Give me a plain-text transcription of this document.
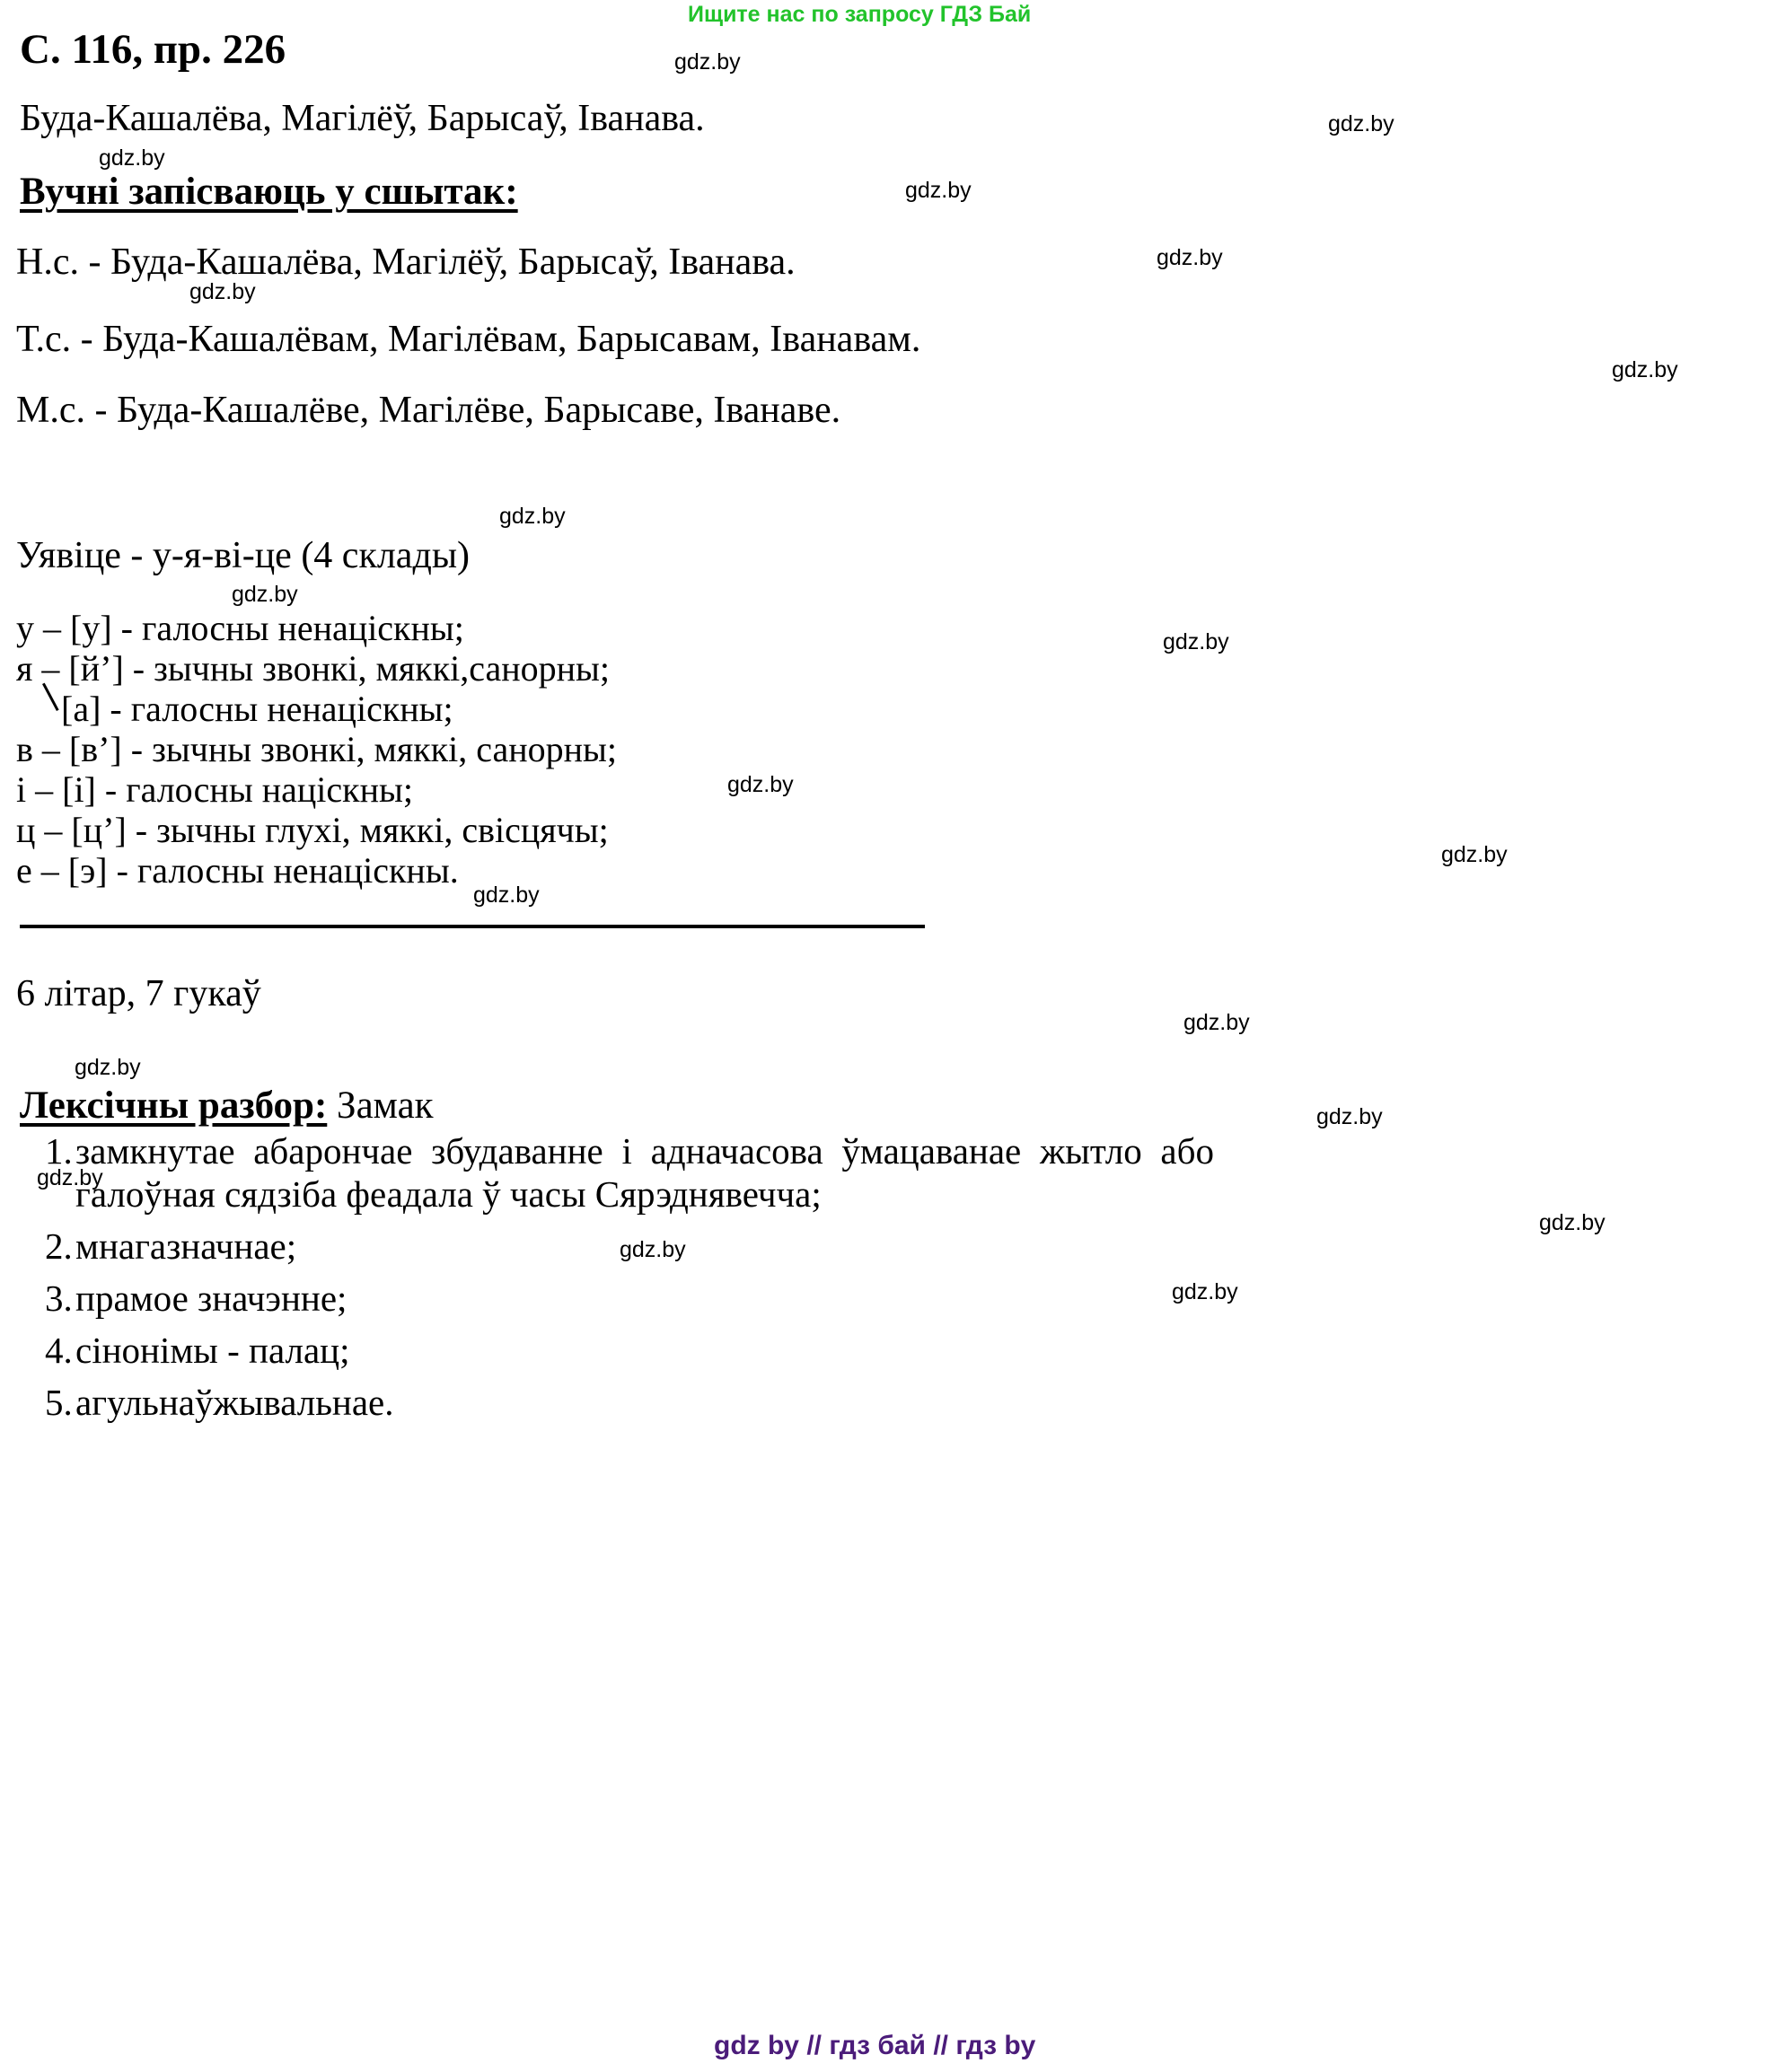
Ищите нас по запросу ГДЗ Бай
С. 116, пр. 226
Буда-Кашалёва, Магілёў, Барысаў, Іванава.
Вучні запісваюць у сшытак:
Н.с. - Буда-Кашалёва, Магілёў, Барысаў, Іванава.
Т.с. - Буда-Кашалёвам, Магілёвам, Барысавам, Іванавам.
М.с. - Буда-Кашалёве, Магілёве, Барысаве, Іванаве.
Уявіце - у-я-ві-це (4 склады)
у – [у] - галосны ненаціскны;
я – [й’] - зычны звонкі, мяккі,санорны;
[а] - галосны ненаціскны;
в – [в’] - зычны звонкі, мяккі, санорны;
і – [і] - галосны націскны;
ц – [ц’] - зычны глухі, мяккі, свісцячы;
е – [э] - галосны ненаціскны.
6 літар, 7 гукаў
Лексічны разбор: Замак
1. замкнутае абарончае збудаванне і адначасова ўмацаванае жытло або галоўная сядзіба феадала ў часы Сярэднявечча;
2. мнагазначнае;
3. прамое значэнне;
4. сінонімы - палац;
5. агульнаўжывальнае.
gdz by // гдз бай // гдз by
gdz.by
gdz.by
gdz.by
gdz.by
gdz.by
gdz.by
gdz.by
gdz.by
gdz.by
gdz.by
gdz.by
gdz.by
gdz.by
gdz.by
gdz.by
gdz.by
gdz.by
gdz.by
gdz.by
gdz.by
